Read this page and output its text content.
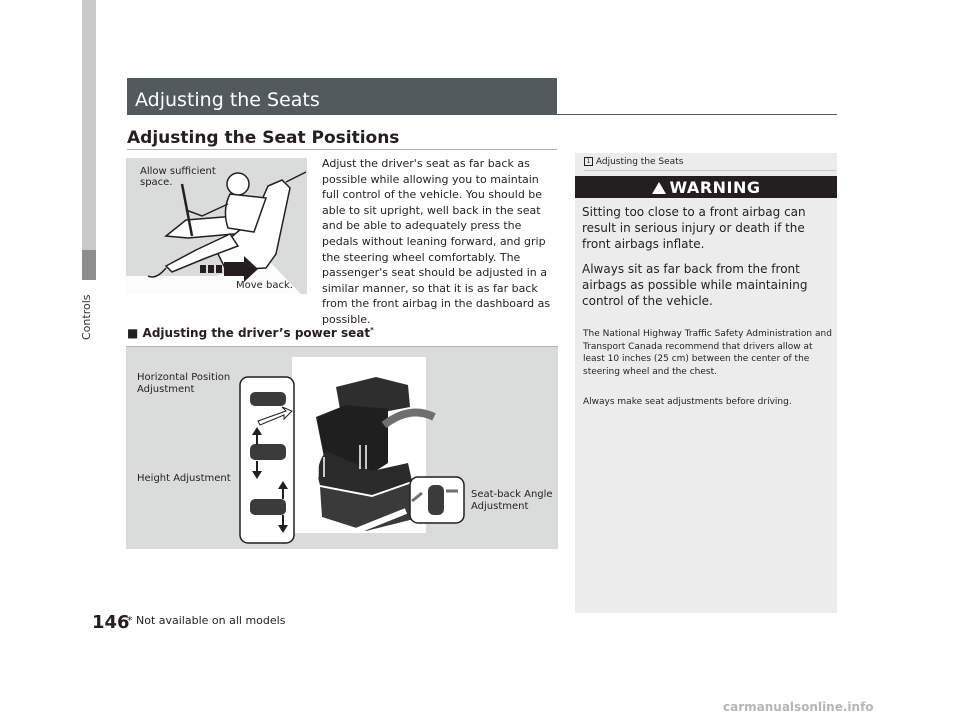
Controls
146
Adjusting the Seats
Adjusting the Seat Positions
Allow sufficient
space.
Move back.

Adjust the driver's seat as far back as possible while allowing you to maintain full control of the vehicle. You should be able to sit upright, well back in the seat and be able to adequately press the pedals without leaning forward, and grip the steering wheel comfortably. The passenger's seat should be adjusted in a similar manner, so that it is as far back from the front airbag in the dashboard as possible.

■ Adjusting the driver’s power seat*
Horizontal Position
Adjustment
Height Adjustment
Seat-back Angle
Adjustment
1 Adjusting the Seats
WARNING

Sitting too close to a front airbag can result in serious injury or death if the front airbags inflate.

Always sit as far back from the front airbags as possible while maintaining control of the vehicle.

The National Highway Traffic Safety Administration and Transport Canada recommend that drivers allow at least 10 inches (25 cm) between the center of the steering wheel and the chest.

Always make seat adjustments before driving.

* Not available on all models
carmanualsonline.info
